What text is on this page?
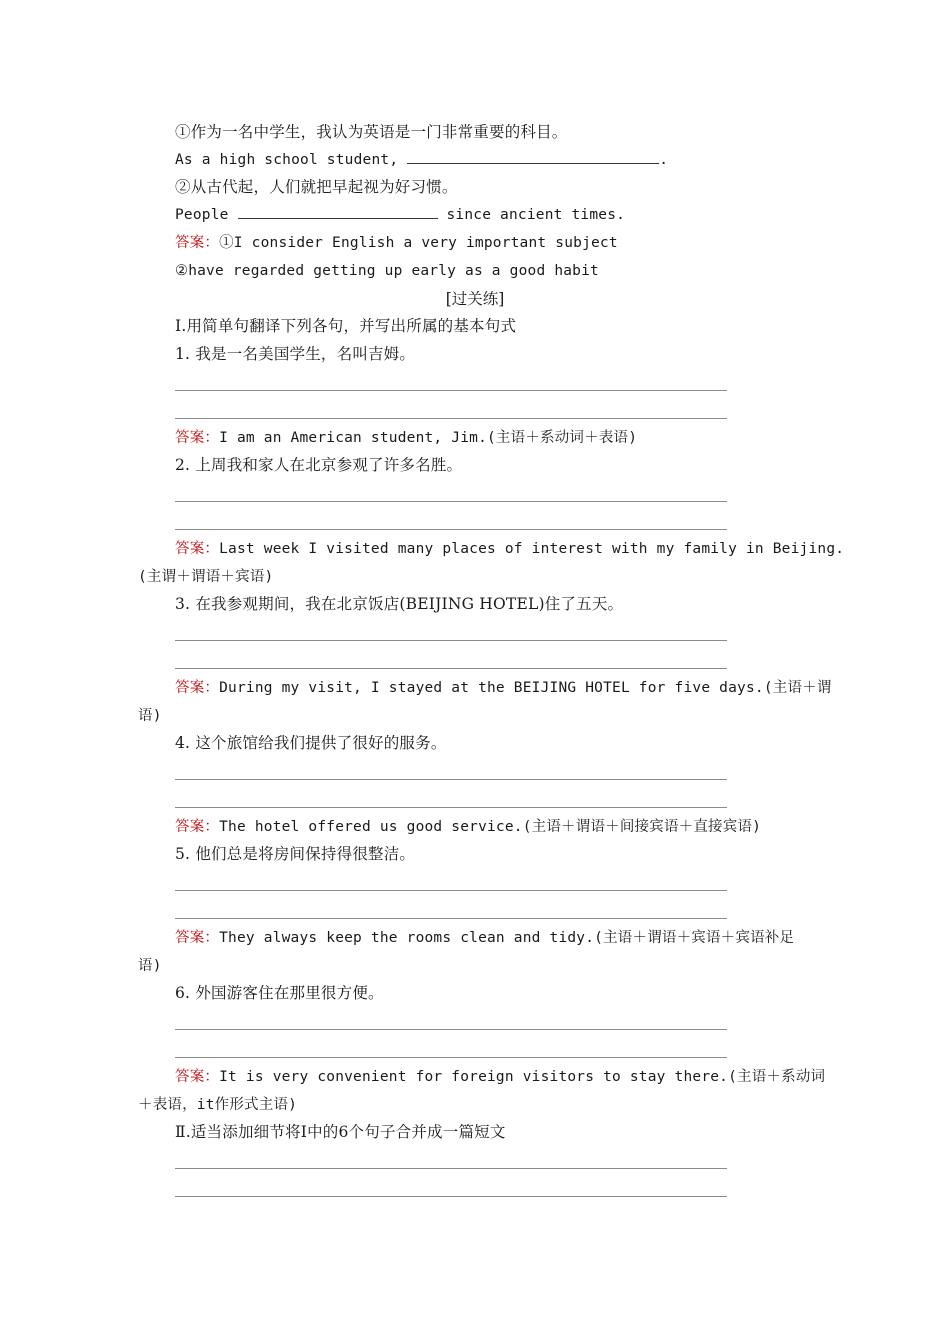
①作为一名中学生，我认为英语是一门非常重要的科目。
As a high school student,	.
②从古代起，人们就把早起视为好习惯。
People	since ancient times.
答案：①I consider English a very important subject
②have regarded getting up early as a good habit
[过关练]
Ⅰ.用简单句翻译下列各句，并写出所属的基本句式
1. 我是一名美国学生，名叫吉姆。
答案：I am an American student, Jim.(主语＋系动词＋表语)
2. 上周我和家人在北京参观了许多名胜。
答案：Last week I visited many places of interest with my family in Beijing.
(主谓＋谓语＋宾语)
3. 在我参观期间，我在北京饭店(BEIJING HOTEL)住了五天。
答案：During my visit, I stayed at the BEIJING HOTEL for five days.(主语＋谓
语)
4. 这个旅馆给我们提供了很好的服务。
答案：The hotel offered us good service.(主语＋谓语＋间接宾语＋直接宾语)
5. 他们总是将房间保持得很整洁。
答案：They always keep the rooms clean and tidy.(主语＋谓语＋宾语＋宾语补足
语)
6. 外国游客住在那里很方便。
答案：It is very convenient for foreign visitors to stay there.(主语＋系动词
＋表语，it作形式主语)
Ⅱ.适当添加细节将Ⅰ中的6个句子合并成一篇短文
